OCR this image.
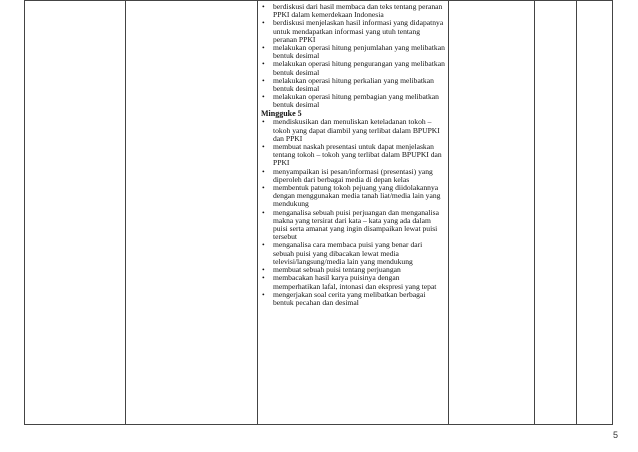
• berdiskusi dari hasil membaca dan teks tentang peranan PPKI dalam kemerdekaan Indonesia
• berdiskusi menjelaskan hasil informasi yang didapatnya untuk mendapatkan informasi yang utuh tentang peranan PPKI
• melakukan operasi hitung penjumlahan yang melibatkan bentuk desimal
• melakukan operasi hitung pengurangan yang melibatkan bentuk desimal
• melakukan operasi hitung perkalian yang melibatkan bentuk desimal
• melakukan operasi hitung pembagian yang melibatkan bentuk desimal

Mingguke 5

• mendiskusikan dan menuliskan keteladanan tokoh – tokoh yang dapat diambil yang terlibat dalam BPUPKI dan PPKI
• membuat naskah presentasi untuk dapat menjelaskan tentang tokoh – tokoh yang terlibat dalam BPUPKI dan PPKI
• menyampaikan isi pesan/informasi (presentasi) yang diperoleh dari berbagai media di depan kelas
• membentuk patung tokoh pejuang yang diidolakannya dengan menggunakan media tanah liat/media lain yang mendukung
• menganalisa sebuah puisi perjuangan dan menganalisa makna yang tersirat dari kata – kata yang ada dalam puisi serta amanat yang ingin disampaikan lewat puisi tersebut
• menganalisa cara membaca puisi yang benar dari sebuah puisi yang dibacakan lewat media televisi/langsung/media lain yang mendukung
• membuat sebuah puisi tentang perjuangan
• membacakan hasil karya puisinya dengan memperhatikan lafal, intonasi dan ekspresi yang tepat
• mengerjakan soal cerita yang melibatkan berbagai bentuk pecahan dan desimal

5
